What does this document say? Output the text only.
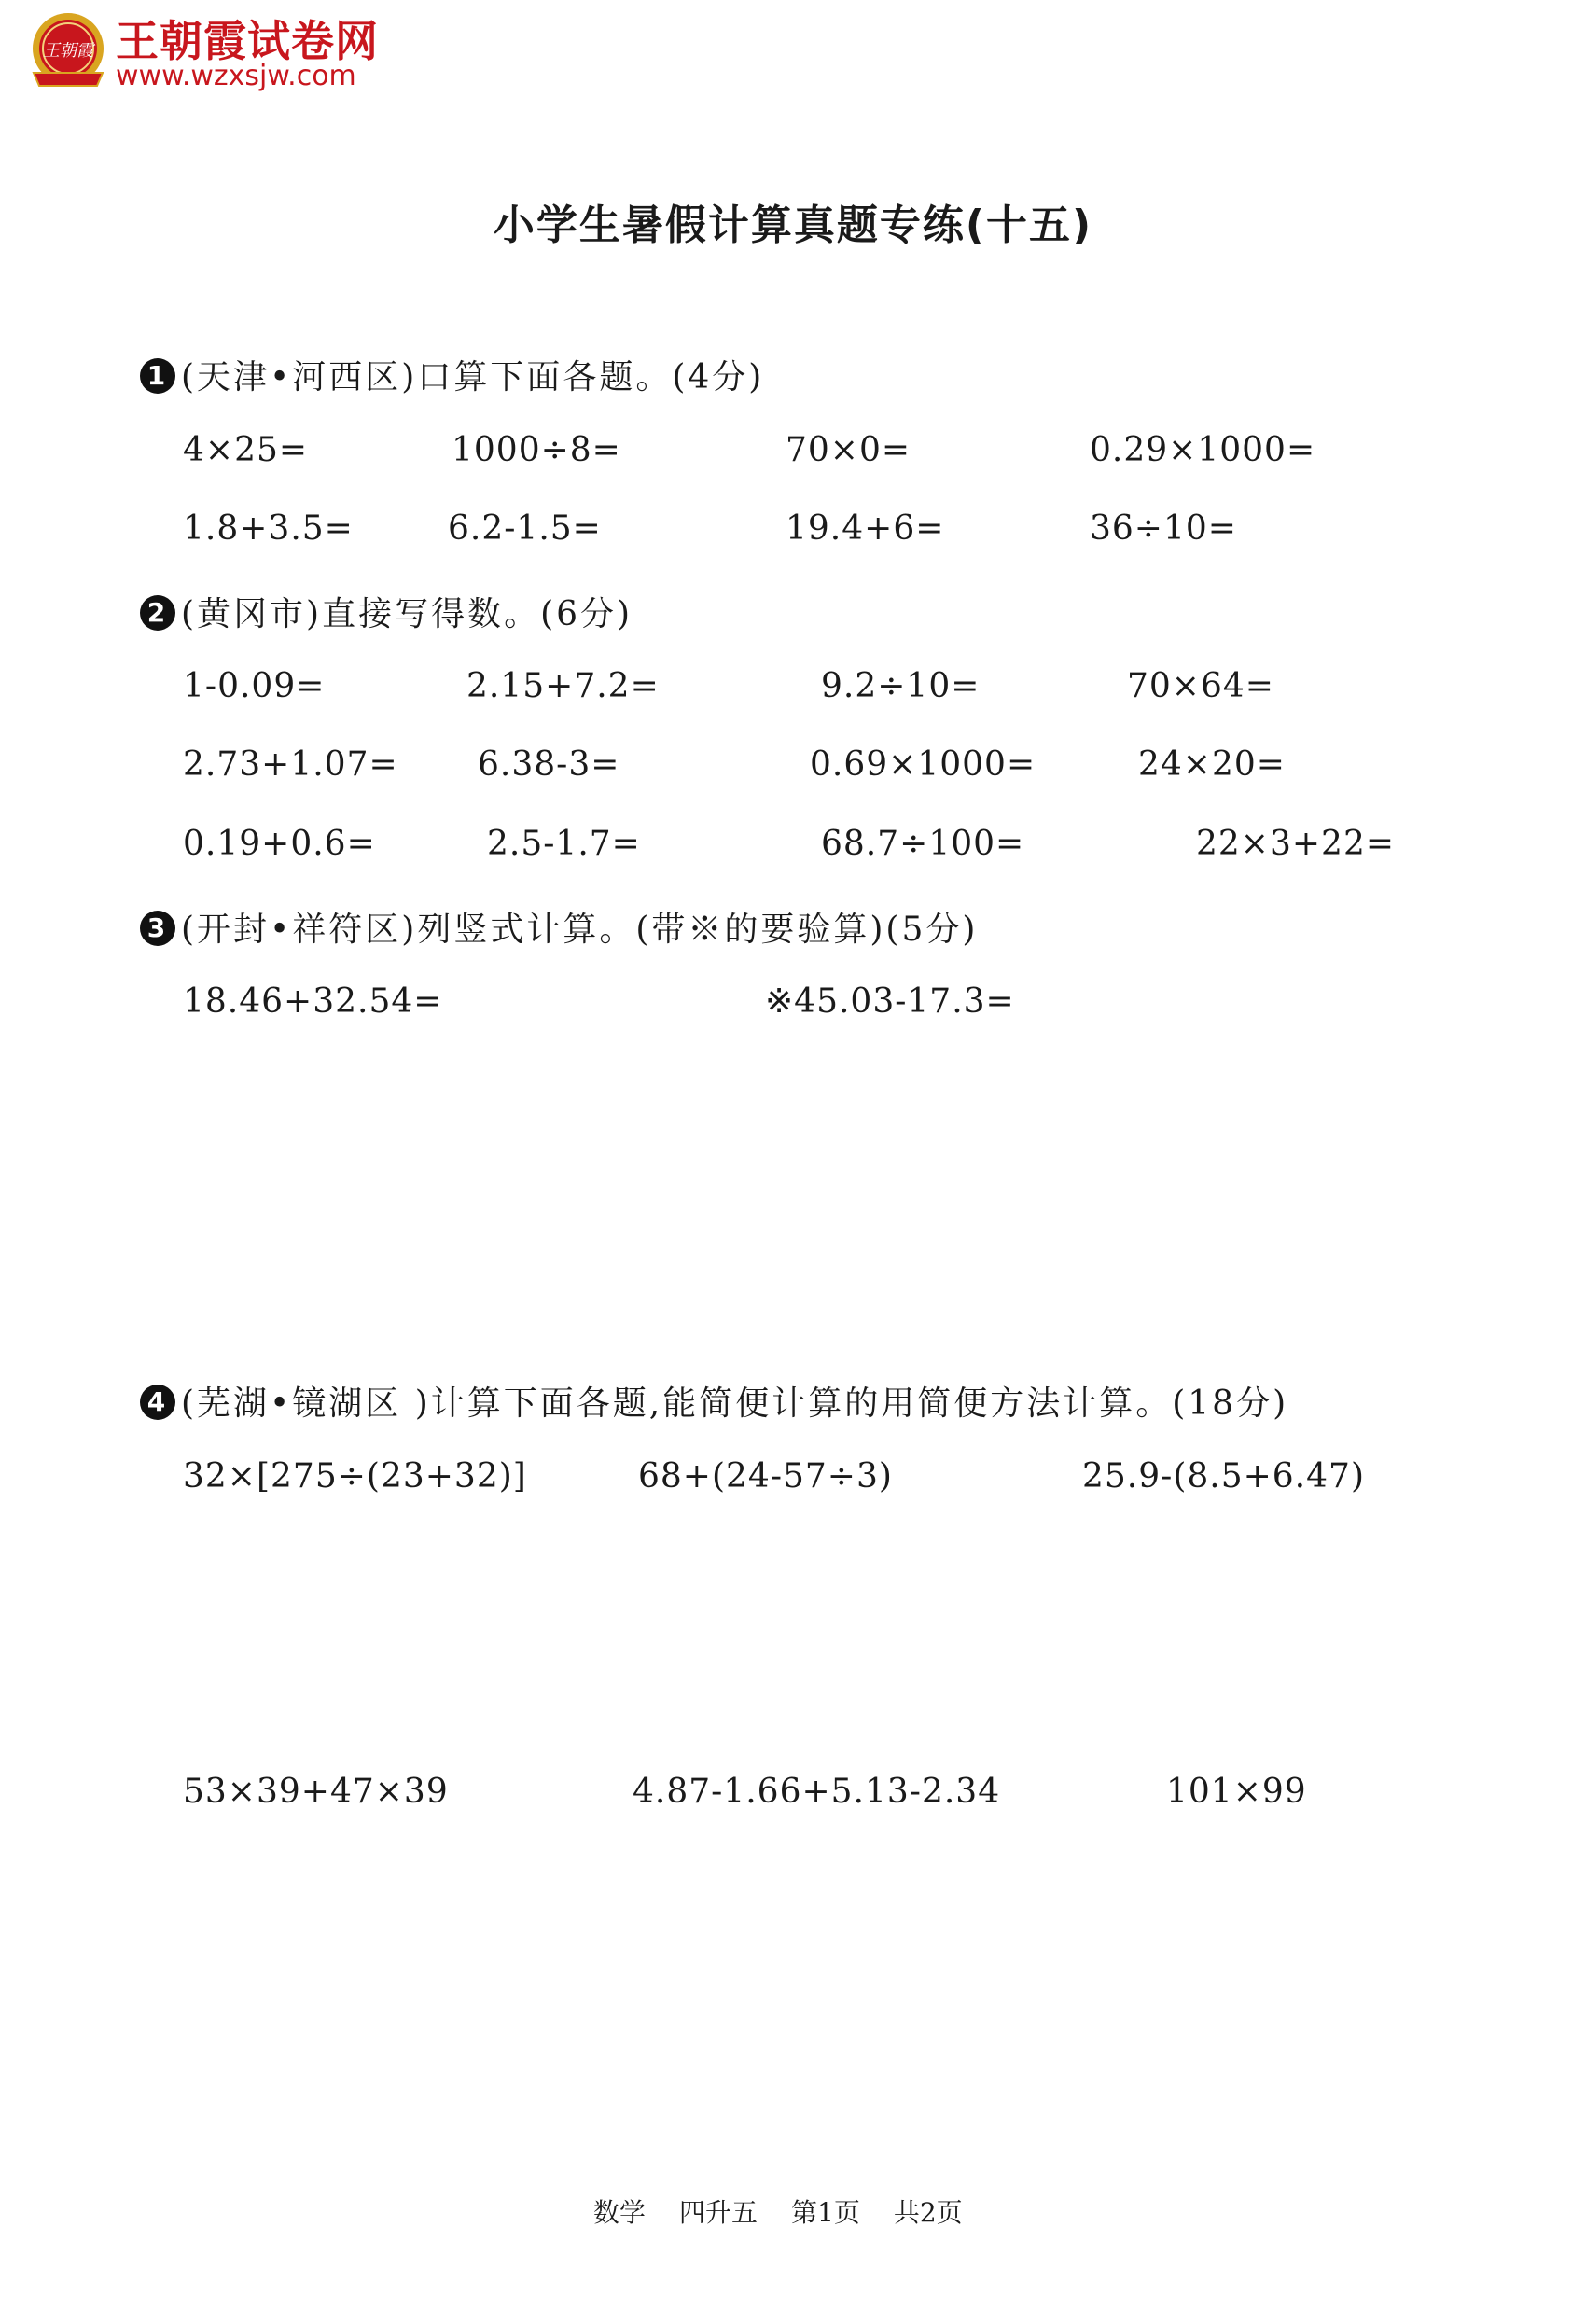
王朝霞 王朝霞试卷网
www.wzxsjw.com
小学生暑假计算真题专练(十五)
1 (天津•河西区)口算下面各题。(4分)
4×25=	1000÷8=	70×0=	0.29×1000=
1.8+3.5=	6.2-1.5=	19.4+6=	36÷10=
2 (黄冈市)直接写得数。(6分)
1-0.09=	2.15+7.2=	9.2÷10=	70×64=
2.73+1.07= 6.38-3=	0.69×1000=	24×20=
0.19+0.6=	2.5-1.7=	68.7÷100=	22×3+22=
3 (开封•祥符区)列竖式计算。(带※的要验算)(5分)
18.46+32.54=	※45.03-17.3=
4 (芜湖•镜湖区 )计算下面各题,能简便计算的用简便方法计算。(18分)
32×[275÷(23+32)]	68+(24-57÷3)	25.9-(8.5+6.47)
53×39+47×39	4.87-1.66+5.13-2.34	101×99
数学 四升五 第1页 共2页
